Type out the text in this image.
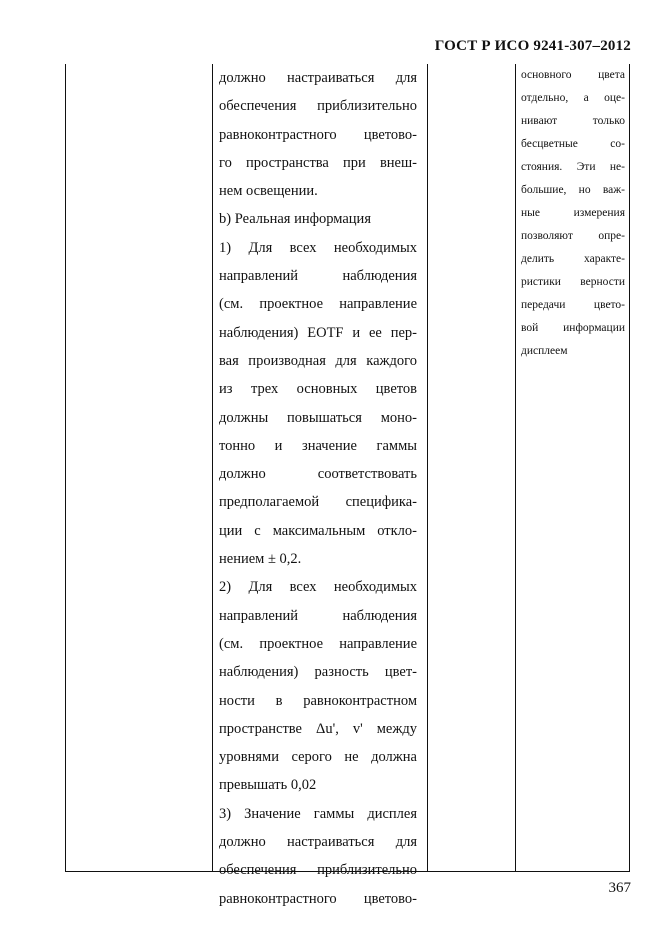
ГОСТ Р ИСО 9241-307–2012
должно настраиваться для
обеспечения приблизительно
равноконтрастного цветово-
го пространства при внеш-
нем освещении.
b) Реальная информация
1) Для всех необходимых
направлений наблюдения
(см. проектное направление
наблюдения) EOTF и ее пер-
вая производная для каждого
из трех основных цветов
должны повышаться моно-
тонно и значение гаммы
должно соответствовать
предполагаемой специфика-
ции с максимальным откло-
нением ± 0,2.
2) Для всех необходимых
направлений наблюдения
(см. проектное направление
наблюдения) разность цвет-
ности в равноконтрастном
пространстве Δu', v' между
уровнями серого не должна
превышать 0,02
3) Значение гаммы дисплея
должно настраиваться для
обеспечения приблизительно
равноконтрастного цветово-
основного цвета
отдельно, а оце-
нивают только
бесцветные со-
стояния. Эти не-
большие, но важ-
ные измерения
позволяют опре-
делить характе-
ристики верности
передачи цвето-
вой информации
дисплеем
367
